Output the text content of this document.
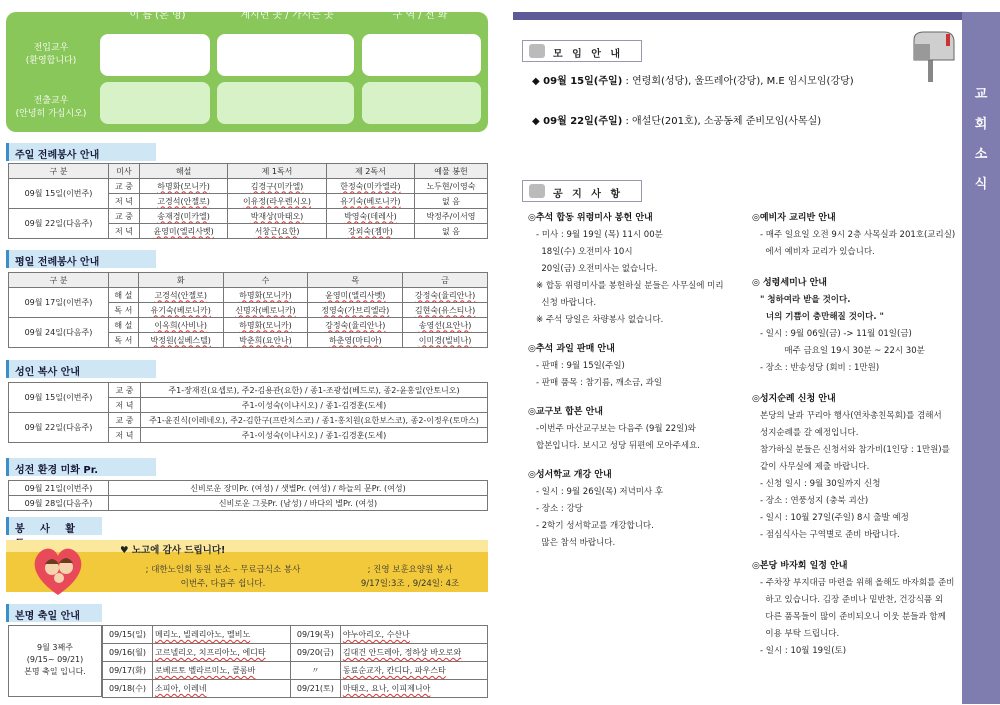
이 름 (본 명)	계시던 곳 / 가시는 곳	구 역 / 전 화
전입교우
(환영합니다)
전출교우
(안녕히 가십시오)
주일 전례봉사 안내
구 분	미사	해설	제 1독서	제 2독서	예물 봉헌
09월 15일(이번주)	교 중	하명화(모니카)	김경구(미카엘)	한정숙(미카엘라)	노두현/이영숙
	저 녁	고경석(안젤로)	이유정(라우렌시오)	유기숙(베로니카)	없 음
09월 22일(다음주)	교 중	송재경(미카엘)	박재상(마태오)	박영숙(데레사)	박정주/이서영
	저 녁	윤영미(엘리사벳)	서창근(요한)	강외숙(젬마)	없 음
평일 전례봉사 안내
구 분		화	수	목	금
09월 17일(이번주)	해 설	고경석(안젤로)	하명화(모니카)	윤영미(엘리사벳)	강정숙(율리안나)
	독 서	유기숙(베로니카)	신명자(베로니카)	정영숙(가브리엘라)	김현숙(유스티나)
09월 24일(다음주)	해 설	이옥희(사비나)	하명화(모니카)	강정숙(율리안나)	송영선(요안나)
	독 서	박정원(실베스텔)	박춘희(요안나)	하춘영(마티아)	이미경(빌비나)
성인 복사 안내
09월 15일(이번주)	교 중	주1-장재진(요셉로), 주2-김용관(요한) / 종1-조광섭(베드로), 종2-윤홍일(안토니오)
	저 녁	주1-이성숙(이냐시오) / 종1-김경훈(도세)
09월 22일(다음주)	교 중	주1-윤진식(이레네오), 주2-김한구(프란치스코) / 종1-홍치원(요한보스코), 종2-이정우(토마스)
	저 녁	주1-이성숙(이냐시오) / 종1-김경훈(도세)
성전 환경 미화 Pr.
09월 21일(이번주)	신비로운 장미Pr. (여성) / 샛별Pr. (여성) / 하늘의 문Pr. (여성)
09월 28일(다음주)	신비로운 그릇Pr. (남성) / 바다의 별Pr. (여성)
봉 사 활
♥ 노고에 감사 드립니다!
; 대한노인회 동원 분소 – 무료급식소 봉사
이번주, 다음주 쉽니다.
; 진영 보훈요양원 봉사
9/17일:3조 , 9/24일: 4조
본명 축일 안내
9월 3째주
(9/15~ 09/21)
본명 축일 입니다.
09/15(일)	메리노, 빌레리아노, 멜비노	09/19(목)	야누아리오, 수산나
09/16(월)	고르넬리오, 치프리아노, 에디타	09/20(금)	김대건 안드레아, 정하상 바오로와
09/17(화)	로베르토 벨라르미노, 콜롬바	〃	동료순교자, 칸디다, 파우스타
09/18(수)	소피아, 이레네	09/21(토)	마태오, 요나, 이피제니아
교
회
소
식
모 임 안 내
◆ 09월 15일(주일) : 연령회(성당), 울뜨레아(강당), M.E 임시모임(강당)
◆ 09월 22일(주일) : 애설단(201호), 소공동체 준비모임(사목실)
공 지 사 항
◎추석 합동 위령미사 봉헌 안내
- 미사 : 9월 19일 (목) 11시 00분
18일(수) 오전미사 10시
20일(금) 오전미사는 없습니다.
※ 합동 위령미사를 봉헌하실 분들은 사무실에 미리
신청 바랍니다.
※ 주석 당일은 차량봉사 없습니다.
◎추석 과일 판매 안내
- 판매 : 9월 15일(주일)
- 판매 품목 : 참기름, 깨소금, 과일
◎교구보 합본 안내
-이번주 마산교구보는 다음주 (9월 22일)와
합본입니다. 보시고 성당 뒤편에 모아주세요.
◎성서학교 개강 안내
- 일시 : 9월 26일(목) 저녁미사 후
- 장소 : 강당
- 2학기 성서학교를 개강합니다.
많은 참석 바랍니다.
◎예비자 교리반 안내
- 매주 일요일 오전 9시 2층 사목실과 201호(교리실)
에서 예비자 교리가 있습니다.
◎ 성령세미나 안내
" 청하여라 받을 것이다.
너의 기쁨이 충만해질 것이다. "
- 일시 : 9월 06일(금) -> 11월 01일(금)
매주 금요일 19시 30분 ~ 22시 30분
- 장소 : 반송성당 (회비 : 1만원)
◎성지순례 신청 안내
본당의 날과 꾸리아 행사(연차총친목회)를 겸해서
성지순례를 갈 예정입니다.
참가하실 분들은 신청서와 참가비(1인당 : 1만원)를
같이 사무실에 제출 바랍니다.
- 신청 일시 : 9월 30일까지 신청
- 장소 : 연풍성지 (충북 괴산)
- 일시 : 10월 27일(주일) 8시 출발 예정
- 점심식사는 구역별로 준비 바랍니다.
◎본당 바자회 일정 안내
- 주차장 부지대금 마련을 위해 올해도 바자회를 준비
하고 있습니다. 김장 준비나 밑반찬, 건강식품 외
다른 품목들이 많이 준비되오니 이웃 분들과 함께
이용 부탁 드립니다.
- 일시 : 10월 19일(토)
